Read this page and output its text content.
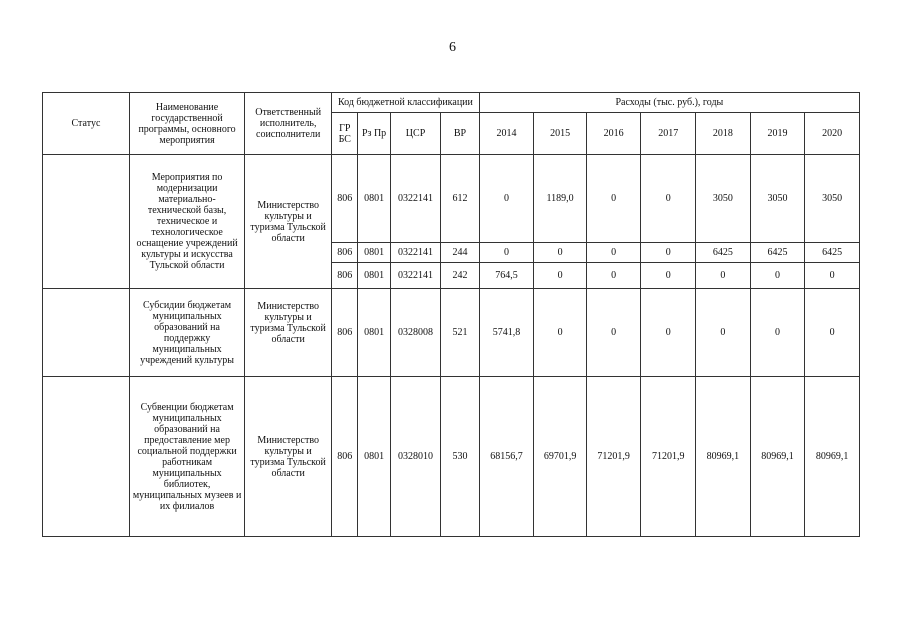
6
Статус	Наименование государственной программы, основного мероприятия	Ответственный исполнитель, соисполнители	Код бюджетной классификации				Расходы (тыс. руб.), годы						
			ГР БС	Рз Пр	ЦСР	ВР	2014	2015	2016	2017	2018	2019	2020
	Мероприятия по модернизации материально-технической базы, техническое и технологическое оснащение учреждений культуры и искусства Тульской области	Министерство культуры и туризма Тульской области	806	0801	0322141	612	0	1189,0	0	0	3050	3050	3050
			806	0801	0322141	244	0	0	0	0	6425	6425	6425
			806	0801	0322141	242	764,5	0	0	0	0	0	0
	Субсидии бюджетам муниципальных образований на поддержку муниципальных учреждений культуры	Министерство культуры и туризма Тульской области	806	0801	0328008	521	5741,8	0	0	0	0	0	0
	Субвенции бюджетам муниципальных образований на предоставление мер социальной поддержки работникам муниципальных библиотек, муниципальных музеев и их филиалов	Министерство культуры и туризма Тульской области	806	0801	0328010	530	68156,7	69701,9	71201,9	71201,9	80969,1	80969,1	80969,1
